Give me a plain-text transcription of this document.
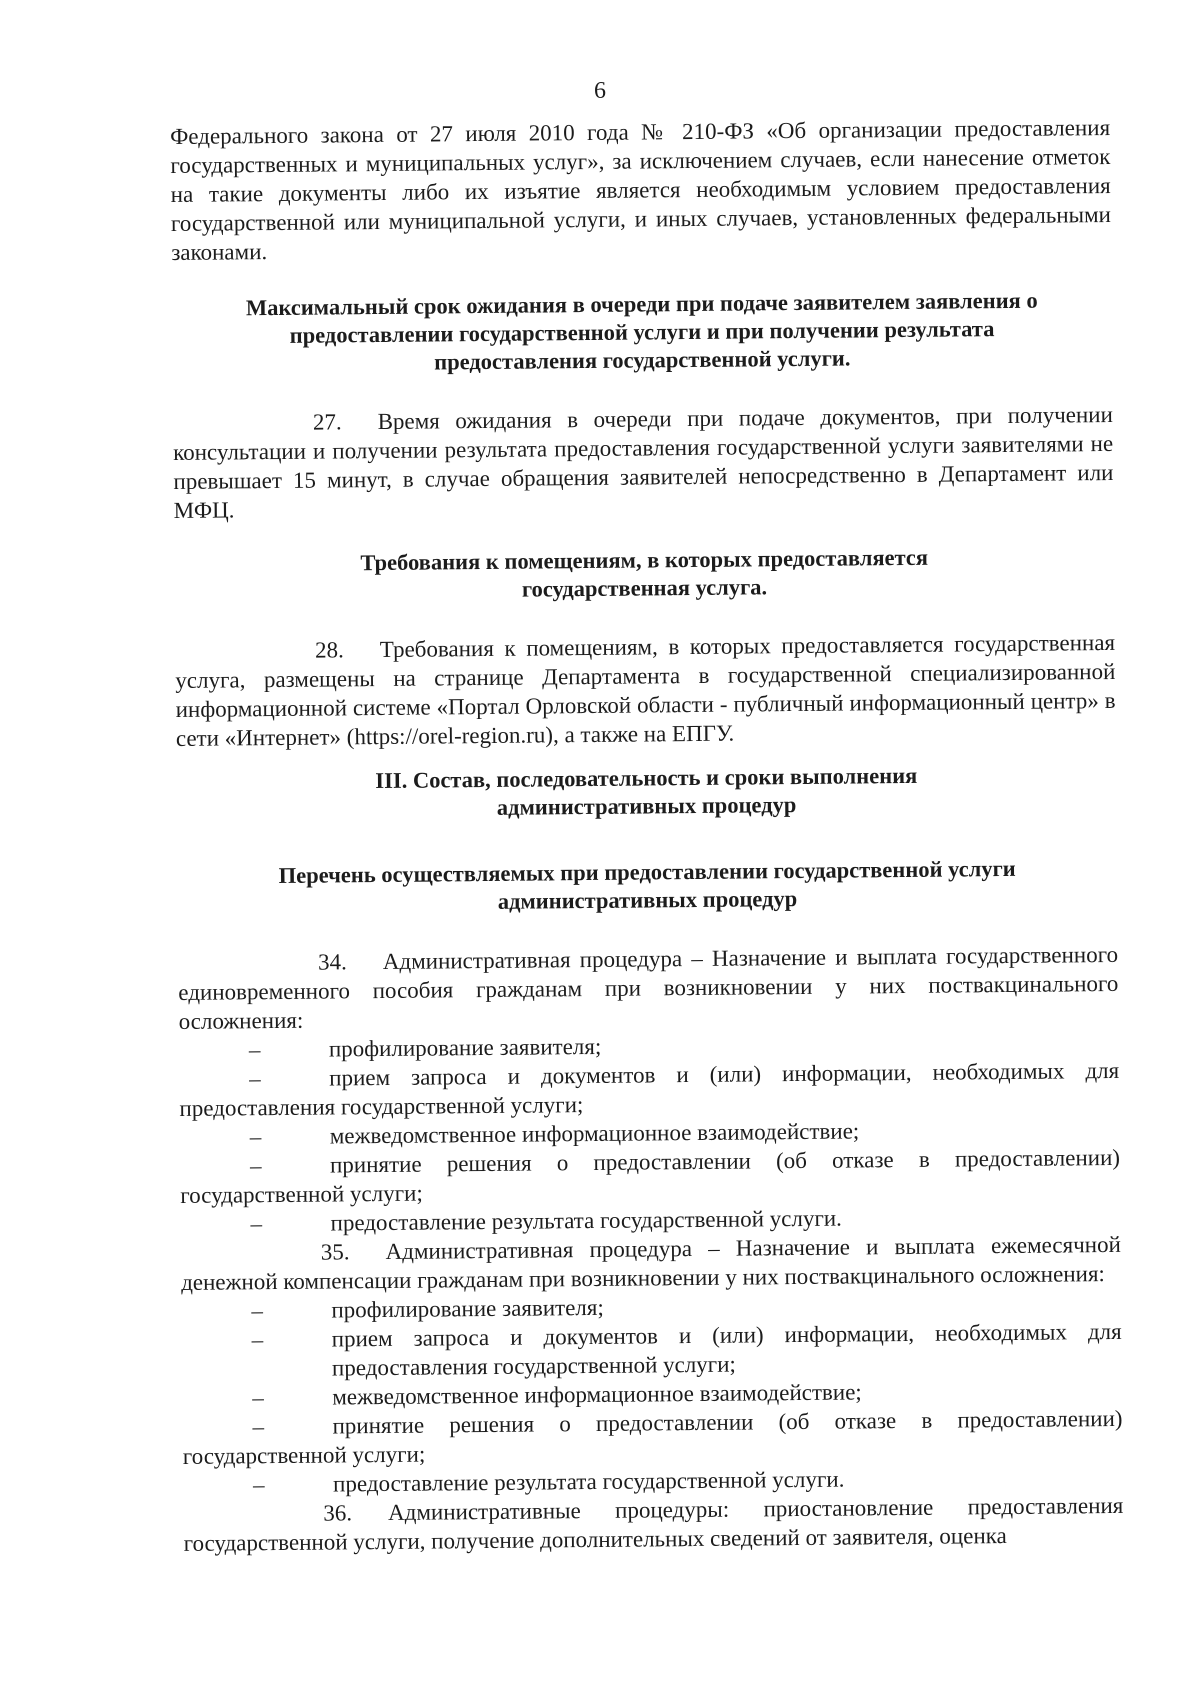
6

Федерального закона от 27 июля 2010 года № 210-ФЗ «Об организации предоставления государственных и муниципальных услуг», за исключением случаев, если нанесение отметок на такие документы либо их изъятие является необходимым условием предоставления государственной или муниципальной услуги, и иных случаев, установленных федеральными законами.

Максимальный срок ожидания в очереди при подаче заявителем заявления о
предоставлении государственной услуги и при получении результата
предоставления государственной услуги.

27. Время ожидания в очереди при подаче документов, при получении консультации и получении результата предоставления государственной услуги заявителями не превышает 15 минут, в случае обращения заявителей непосредственно в Департамент или МФЦ.

Требования к помещениям, в которых предоставляется
государственная услуга.

28. Требования к помещениям, в которых предоставляется государственная услуга, размещены на странице Департамента в государственной специализированной информационной системе «Портал Орловской области - публичный информационный центр» в сети «Интернет» (https://orel-region.ru), а также на ЕПГУ.

III. Состав, последовательность и сроки выполнения
административных процедур
Перечень осуществляемых при предоставлении государственной услуги
административных процедур

34. Административная процедура – Назначение и выплата государственного единовременного пособия гражданам при возникновении у них поствакцинального осложнения:

–	профилирование заявителя;

–	прием запроса и документов и (или) информации, необходимых для предоставления государственной услуги;

–	межведомственное информационное взаимодействие;

–	принятие решения о предоставлении (об отказе в предоставлении) государственной услуги;

–	предоставление результата государственной услуги.

35. Административная процедура – Назначение и выплата ежемесячной денежной компенсации гражданам при возникновении у них поствакцинального осложнения:

–	профилирование заявителя;

–	прием запроса и документов и (или) информации, необходимых для предоставления государственной услуги;

–	межведомственное информационное взаимодействие;

–	принятие решения о предоставлении (об отказе в предоставлении) государственной услуги;

–	предоставление результата государственной услуги.

36. Административные процедуры: приостановление предоставления государственной услуги, получение дополнительных сведений от заявителя, оценка
